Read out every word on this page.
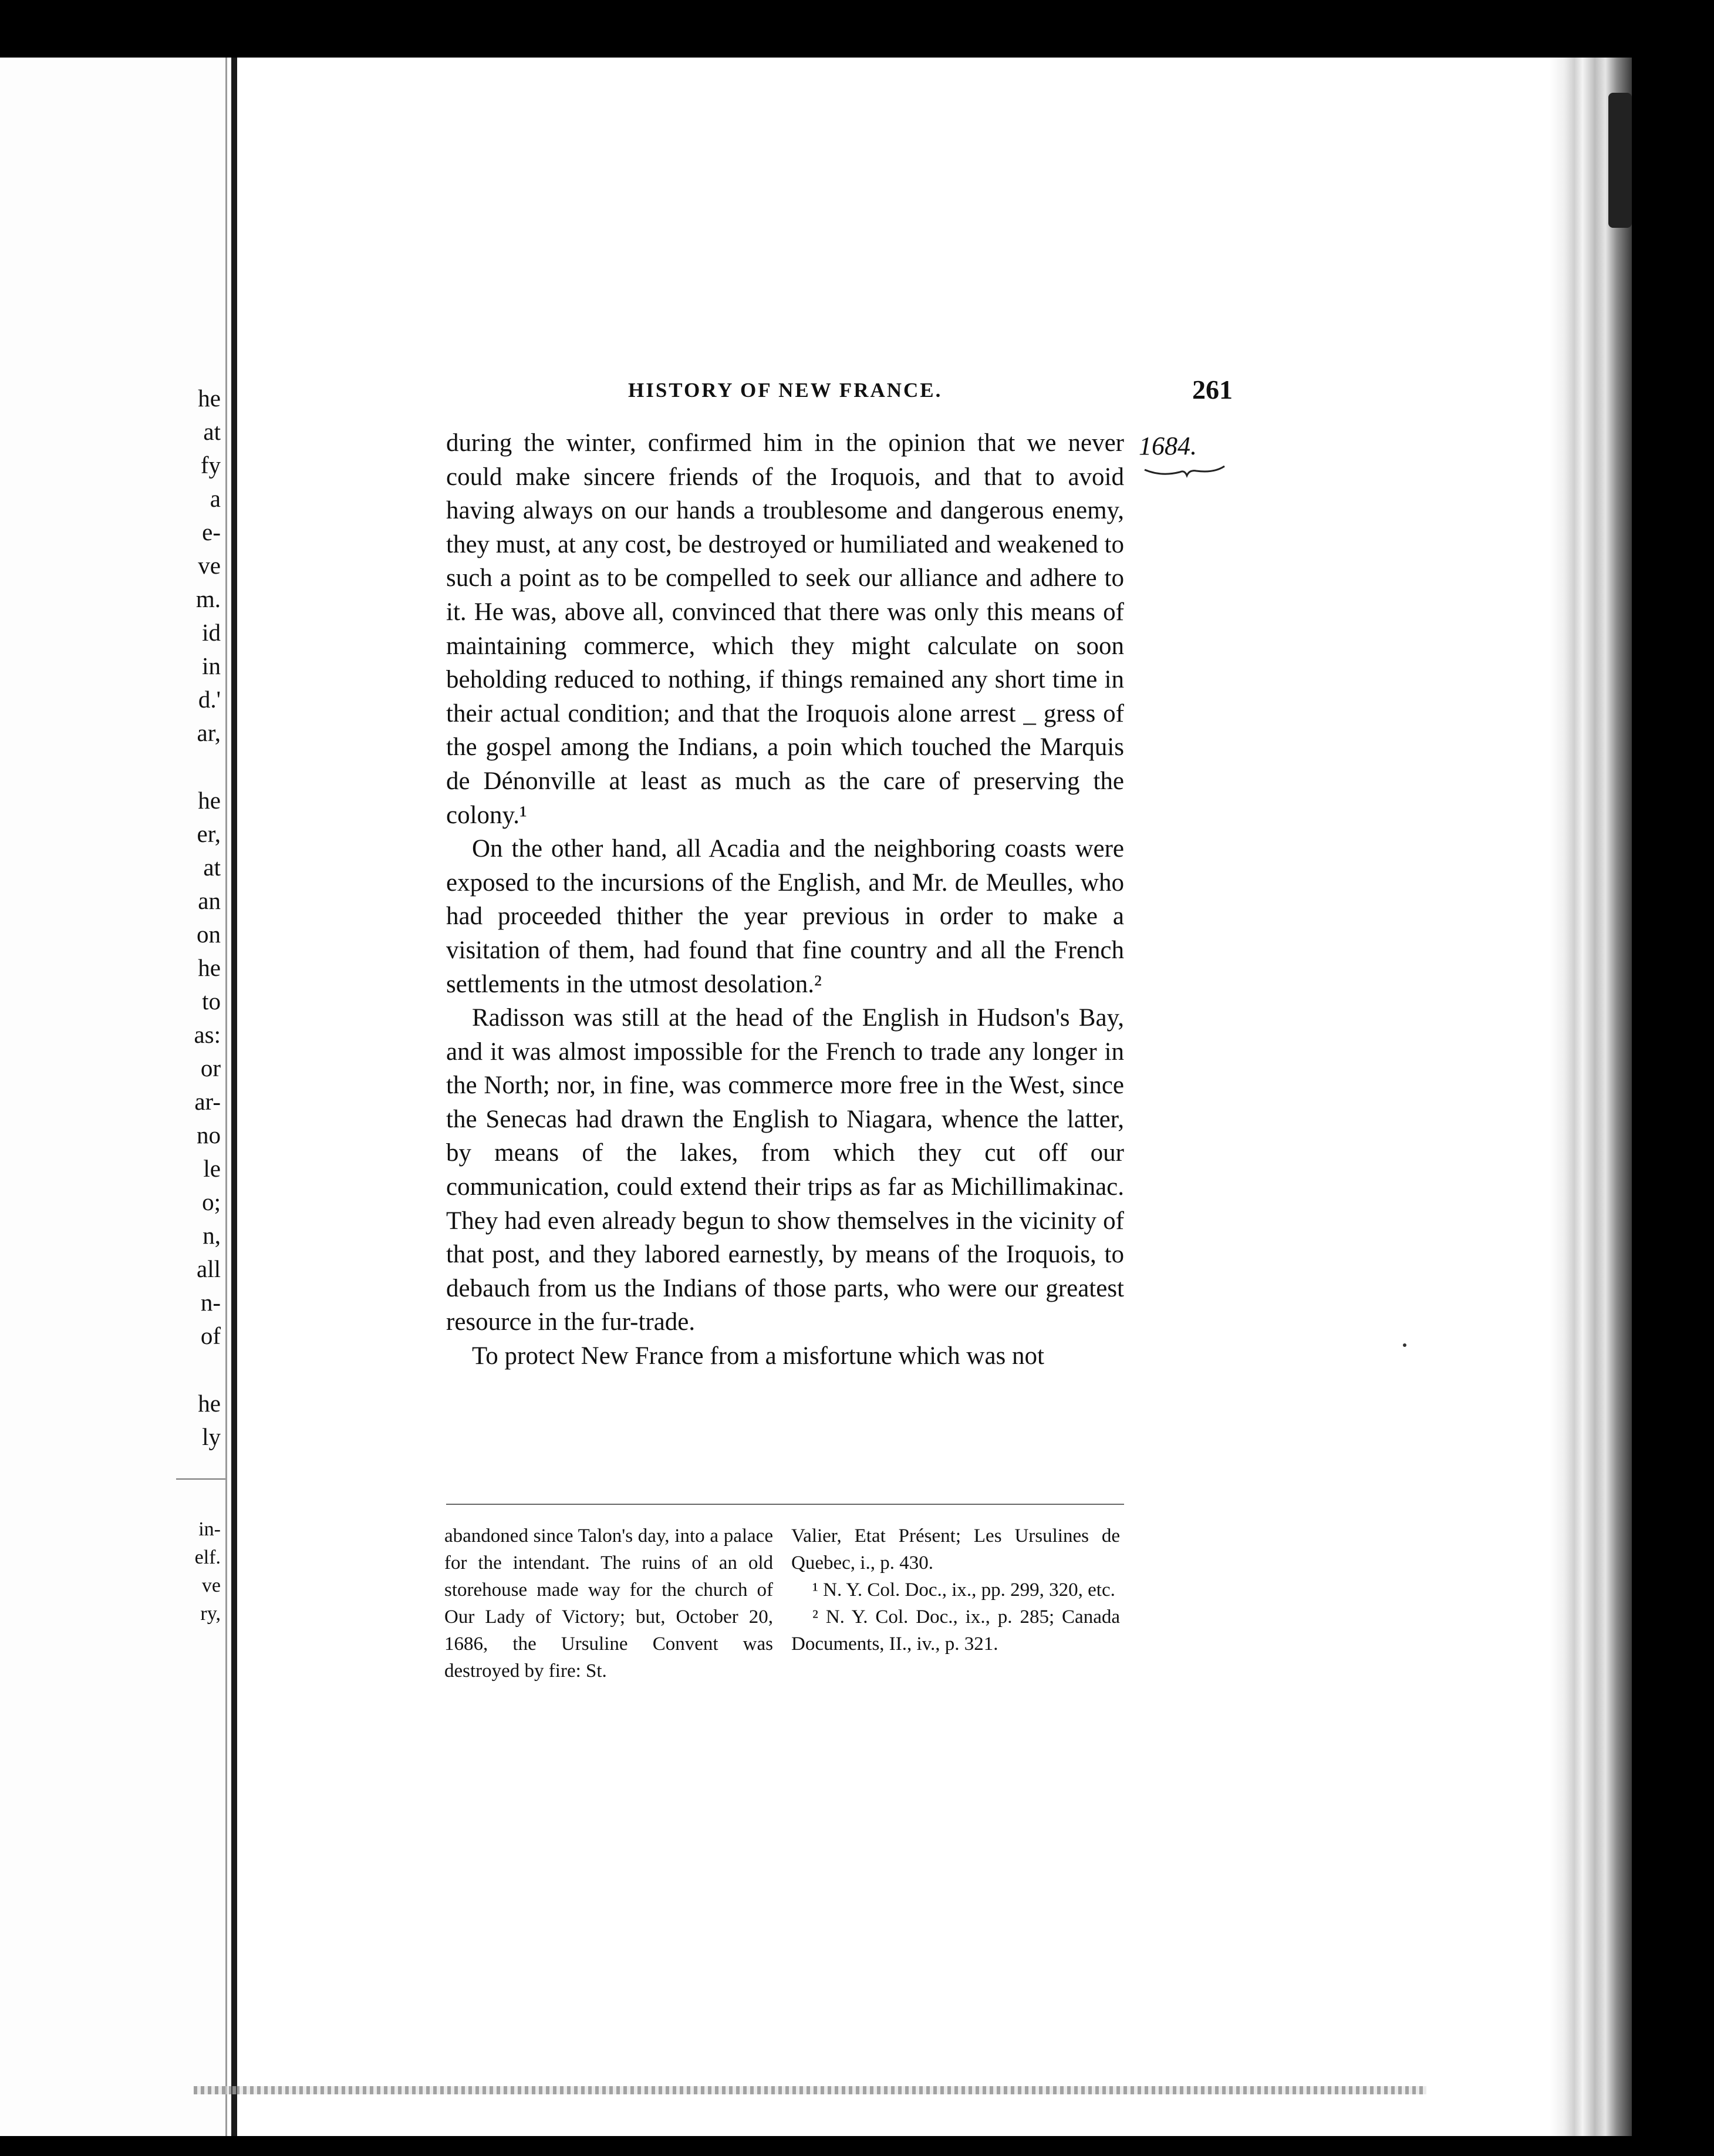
he
at
fy
a
e-
ve
m.
id
in
d.'
ar,
he
er,
at
an
on
he
to
as:
or
ar-
no
le
o;
n,
all
n-
of
he
ly
in-
elf.
ve
ry,
HISTORY OF NEW FRANCE.	261
1684.

during the winter, confirmed him in the opinion that we never could make sincere friends of the Iroquois, and that to avoid having always on our hands a troublesome and dangerous enemy, they must, at any cost, be destroyed or humiliated and weakened to such a point as to be compelled to seek our alliance and adhere to it. He was, above all, convinced that there was only this means of maintaining commerce, which they might calculate on soon beholding reduced to nothing, if things remained any short time in their actual condition; and that the Iroquois alone arrest _ gress of the gospel among the Indians, a poin which touched the Marquis de Dénonville at least as much as the care of preserving the colony.¹

On the other hand, all Acadia and the neighboring coasts were exposed to the incursions of the English, and Mr. de Meulles, who had proceeded thither the year previous in order to make a visitation of them, had found that fine country and all the French settlements in the utmost desolation.²

Radisson was still at the head of the English in Hudson's Bay, and it was almost impossible for the French to trade any longer in the North; nor, in fine, was commerce more free in the West, since the Senecas had drawn the English to Niagara, whence the latter, by means of the lakes, from which they cut off our communication, could extend their trips as far as Michillimakinac. They had even already begun to show themselves in the vicinity of that post, and they labored earnestly, by means of the Iroquois, to debauch from us the Indians of those parts, who were our greatest resource in the fur-trade.

To protect New France from a misfortune which was not

abandoned since Talon's day, into a palace for the intendant. The ruins of an old storehouse made way for the church of Our Lady of Victory; but, October 20, 1686, the Ursuline Convent was destroyed by fire: St.

Valier, Etat Présent; Les Ursulines de Quebec, i., p. 430.

¹ N. Y. Col. Doc., ix., pp. 299, 320, etc.

² N. Y. Col. Doc., ix., p. 285; Canada Documents, II., iv., p. 321.
